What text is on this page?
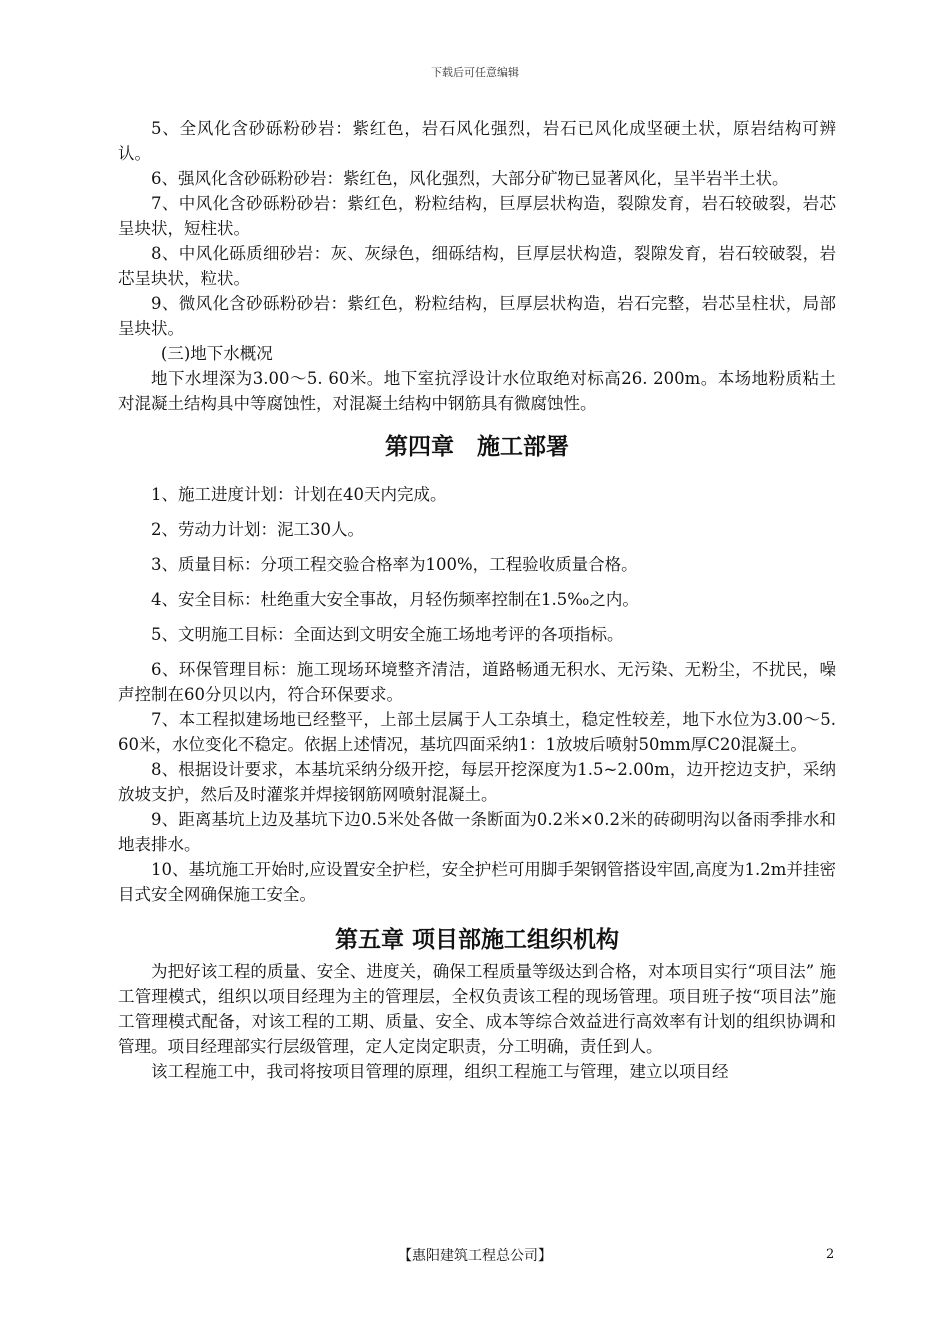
下载后可任意编辑

5、全风化含砂砾粉砂岩：紫红色，岩石风化强烈，岩石已风化成坚硬土状，原岩结构可辨认。

6、强风化含砂砾粉砂岩：紫红色，风化强烈，大部分矿物已显著风化，呈半岩半土状。

7、中风化含砂砾粉砂岩：紫红色，粉粒结构，巨厚层状构造，裂隙发育，岩石较破裂，岩芯呈块状，短柱状。

8、中风化砾质细砂岩：灰、灰绿色，细砾结构，巨厚层状构造，裂隙发育，岩石较破裂，岩芯呈块状，粒状。

9、微风化含砂砾粉砂岩：紫红色，粉粒结构，巨厚层状构造，岩石完整，岩芯呈柱状，局部呈块状。

(三)地下水概况

地下水埋深为3.00～5. 60米。地下室抗浮设计水位取绝对标高26. 200m。本场地粉质粘土对混凝土结构具中等腐蚀性，对混凝土结构中钢筋具有微腐蚀性。

第四章　施工部署

1、施工进度计划：计划在40天内完成。

2、劳动力计划：泥工30人。

3、质量目标：分项工程交验合格率为100%，工程验收质量合格。

4、安全目标：杜绝重大安全事故，月轻伤频率控制在1.5‰之内。

5、文明施工目标：全面达到文明安全施工场地考评的各项指标。

6、环保管理目标：施工现场环境整齐清洁，道路畅通无积水、无污染、无粉尘，不扰民，噪声控制在60分贝以内，符合环保要求。

7、本工程拟建场地已经整平，上部土层属于人工杂填土，稳定性较差，地下水位为3.00～5. 60米，水位变化不稳定。依据上述情况，基坑四面采纳1：1放坡后喷射50mm厚C20混凝土。

8、根据设计要求，本基坑采纳分级开挖，每层开挖深度为1.5~2.00m，边开挖边支护，采纳放坡支护，然后及时灌浆并焊接钢筋网喷射混凝土。

9、距离基坑上边及基坑下边0.5米处各做一条断面为0.2米×0.2米的砖砌明沟以备雨季排水和地表排水。

10、基坑施工开始时,应设置安全护栏，安全护栏可用脚手架钢管搭设牢固,高度为1.2m并挂密目式安全网确保施工安全。

第五章 项目部施工组织机构

为把好该工程的质量、安全、进度关，确保工程质量等级达到合格，对本项目实行“项目法” 施工管理模式，组织以项目经理为主的管理层，全权负责该工程的现场管理。项目班子按“项目法”施工管理模式配备，对该工程的工期、质量、安全、成本等综合效益进行高效率有计划的组织协调和管理。项目经理部实行层级管理，定人定岗定职责，分工明确，责任到人。

该工程施工中，我司将按项目管理的原理，组织工程施工与管理，建立以项目经

【惠阳建筑工程总公司】	2
